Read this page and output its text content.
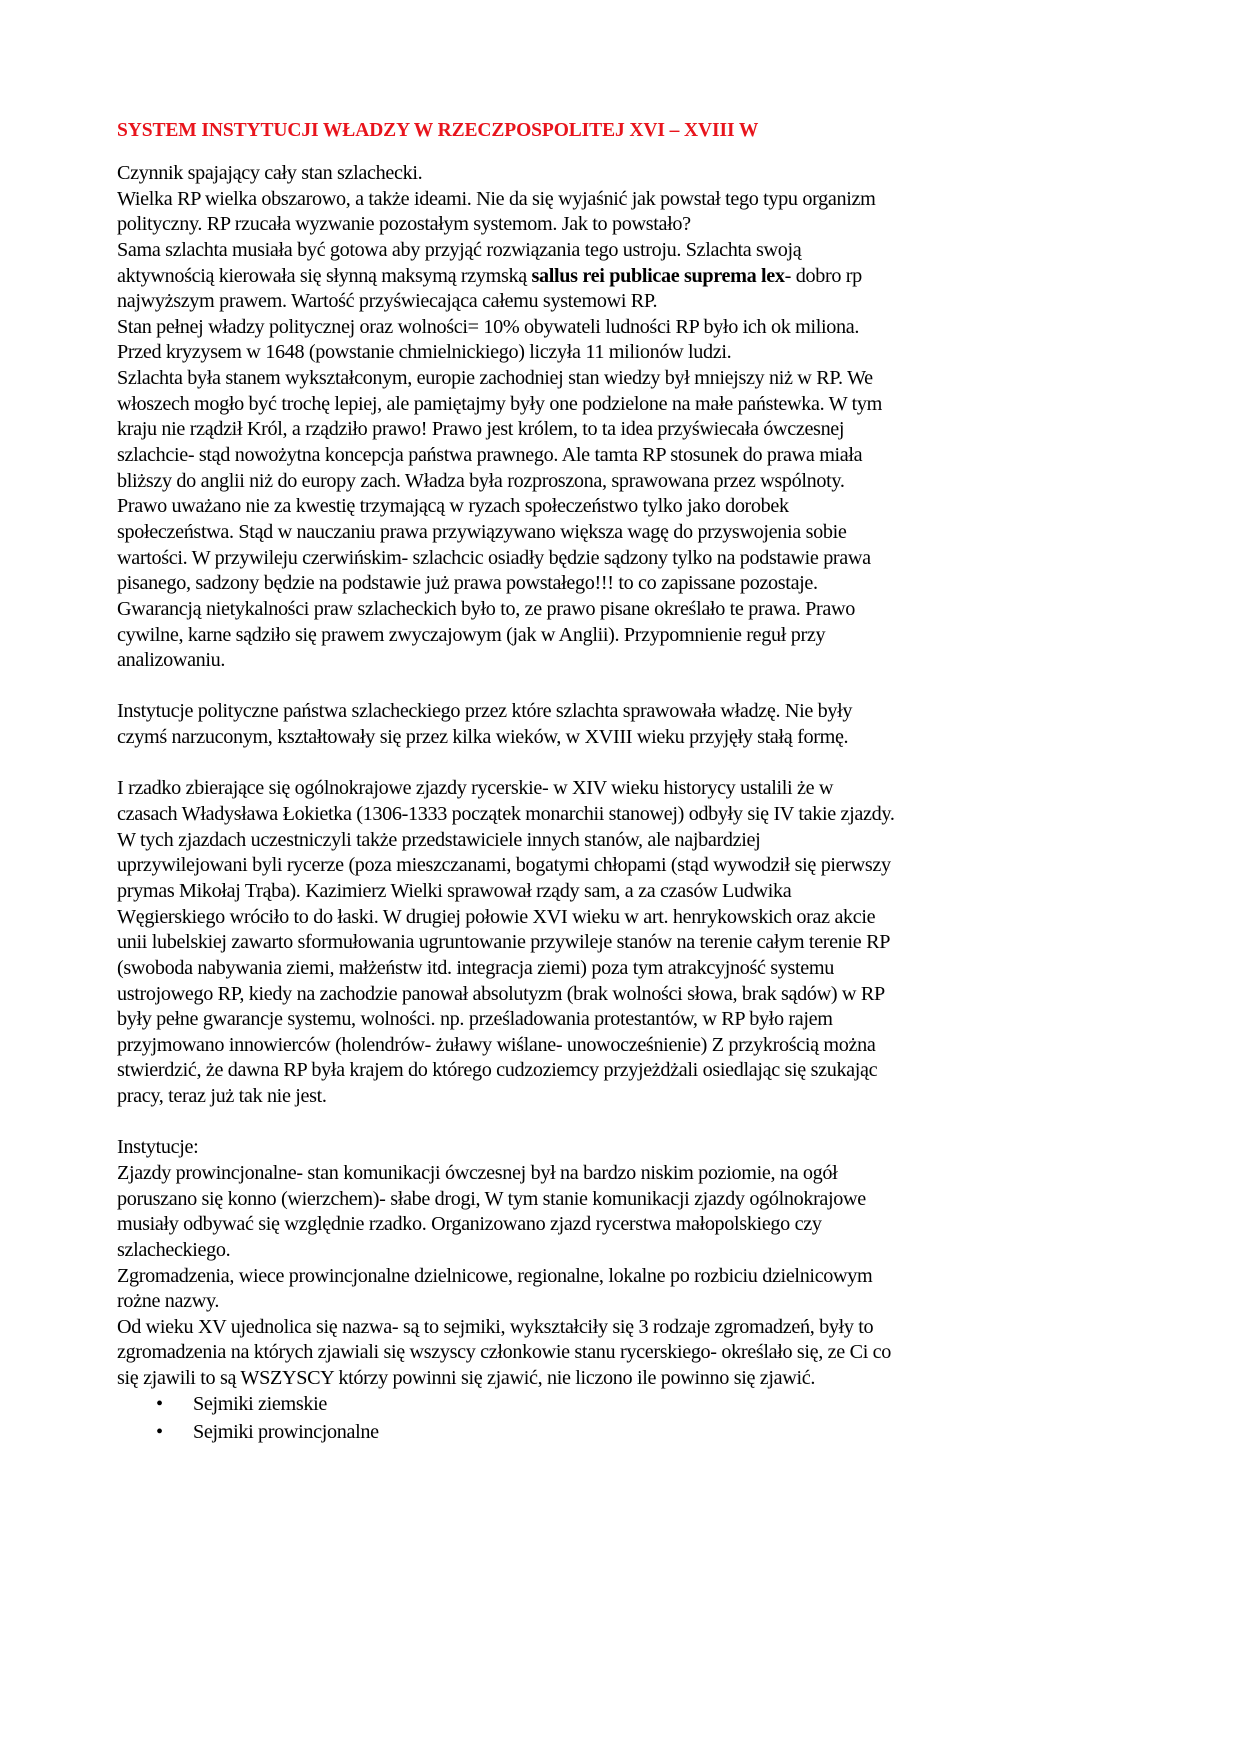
SYSTEM INSTYTUCJI WŁADZY W RZECZPOSPOLITEJ XVI – XVIII W
Czynnik spajający cały stan szlachecki.
Wielka RP wielka obszarowo, a także ideami. Nie da się wyjaśnić jak powstał tego typu organizm
polityczny. RP rzucała wyzwanie pozostałym systemom. Jak to powstało?
Sama szlachta musiała być gotowa aby przyjąć rozwiązania tego ustroju. Szlachta swoją
aktywnością kierowała się słynną maksymą rzymską sallus rei publicae suprema lex- dobro rp
najwyższym prawem. Wartość przyświecająca całemu systemowi RP.
Stan pełnej władzy politycznej oraz wolności= 10% obywateli ludności RP było ich ok miliona.
Przed kryzysem w 1648 (powstanie chmielnickiego) liczyła 11 milionów ludzi.
Szlachta była stanem wykształconym, europie zachodniej stan wiedzy był mniejszy niż w RP. We
włoszech mogło być trochę lepiej, ale pamiętajmy były one podzielone na małe państewka. W tym
kraju nie rządził Król, a rządziło prawo! Prawo jest królem, to ta idea przyświecała ówczesnej
szlachcie- stąd nowożytna koncepcja państwa prawnego. Ale tamta RP stosunek do prawa miała
bliższy do anglii niż do europy zach. Władza była rozproszona, sprawowana przez wspólnoty.
Prawo uważano nie za kwestię trzymającą w ryzach społeczeństwo tylko jako dorobek
społeczeństwa. Stąd w nauczaniu prawa przywiązywano większa wagę do przyswojenia sobie
wartości. W przywileju czerwińskim- szlachcic osiadły będzie sądzony tylko na podstawie prawa
pisanego, sadzony będzie na podstawie już prawa powstałego!!! to co zapissane pozostaje.
Gwarancją nietykalności praw szlacheckich było to, ze prawo pisane określało te prawa. Prawo
cywilne, karne sądziło się prawem zwyczajowym (jak w Anglii). Przypomnienie reguł przy
analizowaniu.
Instytucje polityczne państwa szlacheckiego przez które szlachta sprawowała władzę. Nie były
czymś narzuconym, kształtowały się przez kilka wieków, w XVIII wieku przyjęły stałą formę.
I rzadko zbierające się ogólnokrajowe zjazdy rycerskie- w XIV wieku historycy ustalili że w
czasach Władysława Łokietka (1306-1333 początek monarchii stanowej) odbyły się IV takie zjazdy.
W tych zjazdach uczestniczyli także przedstawiciele innych stanów, ale najbardziej
uprzywilejowani byli rycerze (poza mieszczanami, bogatymi chłopami (stąd wywodził się pierwszy
prymas Mikołaj Trąba). Kazimierz Wielki sprawował rządy sam, a za czasów Ludwika
Węgierskiego wróciło to do łaski. W drugiej połowie XVI wieku w art. henrykowskich oraz akcie
unii lubelskiej zawarto sformułowania ugruntowanie przywileje stanów na terenie całym terenie RP
(swoboda nabywania ziemi, małżeństw itd. integracja ziemi) poza tym atrakcyjność systemu
ustrojowego RP, kiedy na zachodzie panował absolutyzm (brak wolności słowa, brak sądów) w RP
były pełne gwarancje systemu, wolności. np. prześladowania protestantów, w RP było rajem
przyjmowano innowierców (holendrów- żuławy wiślane- unowocześnienie) Z przykrością można
stwierdzić, że dawna RP była krajem do którego cudzoziemcy przyjeżdżali osiedlając się szukając
pracy, teraz już tak nie jest.
Instytucje:
Zjazdy prowincjonalne- stan komunikacji ówczesnej był na bardzo niskim poziomie, na ogół
poruszano się konno (wierzchem)- słabe drogi, W tym stanie komunikacji zjazdy ogólnokrajowe
musiały odbywać się względnie rzadko. Organizowano zjazd rycerstwa małopolskiego czy
szlacheckiego.
Zgromadzenia, wiece prowincjonalne dzielnicowe, regionalne, lokalne po rozbiciu dzielnicowym
rożne nazwy.
Od wieku XV ujednolica się nazwa- są to sejmiki, wykształciły się 3 rodzaje zgromadzeń, były to
zgromadzenia na których zjawiali się wszyscy członkowie stanu rycerskiego- określało się, ze Ci co
się zjawili to są WSZYSCY którzy powinni się zjawić, nie liczono ile powinno się zjawić.
• Sejmiki ziemskie
• Sejmiki prowincjonalne
